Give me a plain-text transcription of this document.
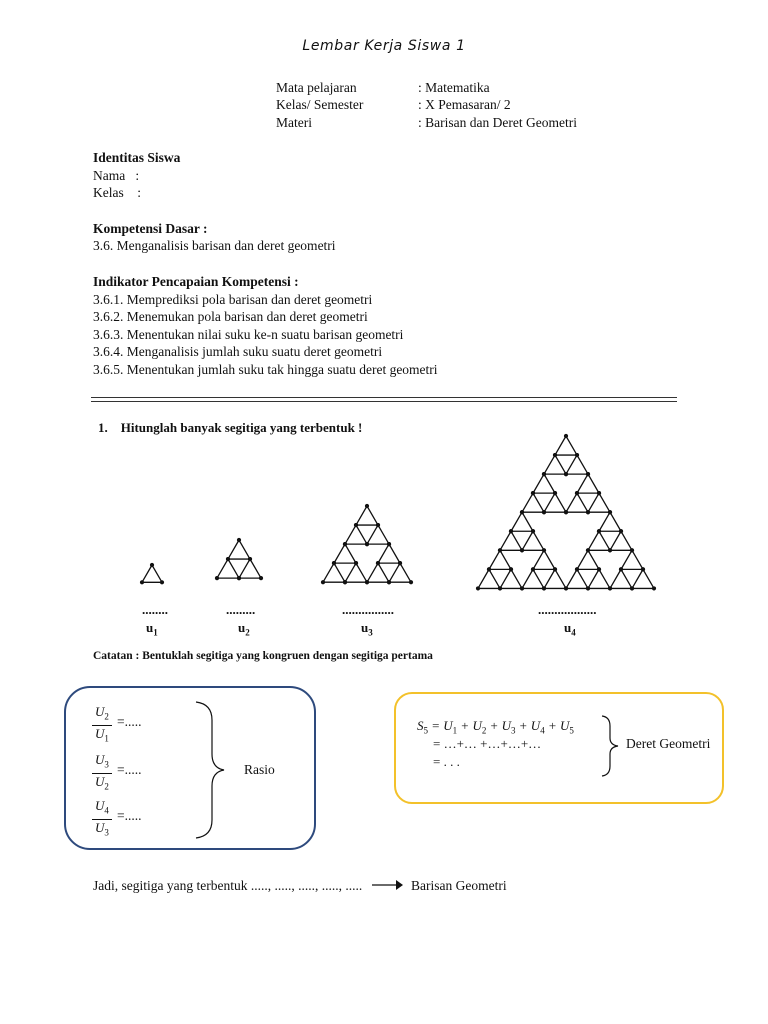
Lembar Kerja Siswa 1
Mata pelajaran	: Matematika
Kelas/ Semester	: X Pemasaran/ 2
Materi	: Barisan dan Deret Geometri
Identitas Siswa
Nama   :
Kelas    :
Kompetensi Dasar :
3.6. Menganalisis barisan dan deret geometri
Indikator Pencapaian Kompetensi :
3.6.1. Memprediksi pola barisan dan deret geometri
3.6.2. Menemukan pola barisan dan deret geometri
3.6.3. Menentukan nilai suku ke-n suatu barisan geometri
3.6.4. Menganalisis jumlah suku suatu deret geometri
3.6.5. Menentukan jumlah suku tak hingga suatu deret geometri
1.    Hitunglah banyak segitiga yang terbentuk !
........
$u_1$
.........
$u_2$
................
$u_3$
..................
$u_4$
Catatan : Bentuklah segitiga yang kongruen dengan segitiga pertama
$\frac{U_2}{U_1}$ =.....
$\frac{U_3}{U_2}$ =.....
$\frac{U_4}{U_3}$ =.....
Rasio
$S_5 = U_1 + U_2 + U_3 + U_4 + U_5$
= …+… +…+…+…
= . . .
Deret Geometri
Jadi, segitiga yang terbentuk ....., ....., ....., ....., .....	Barisan Geometri
